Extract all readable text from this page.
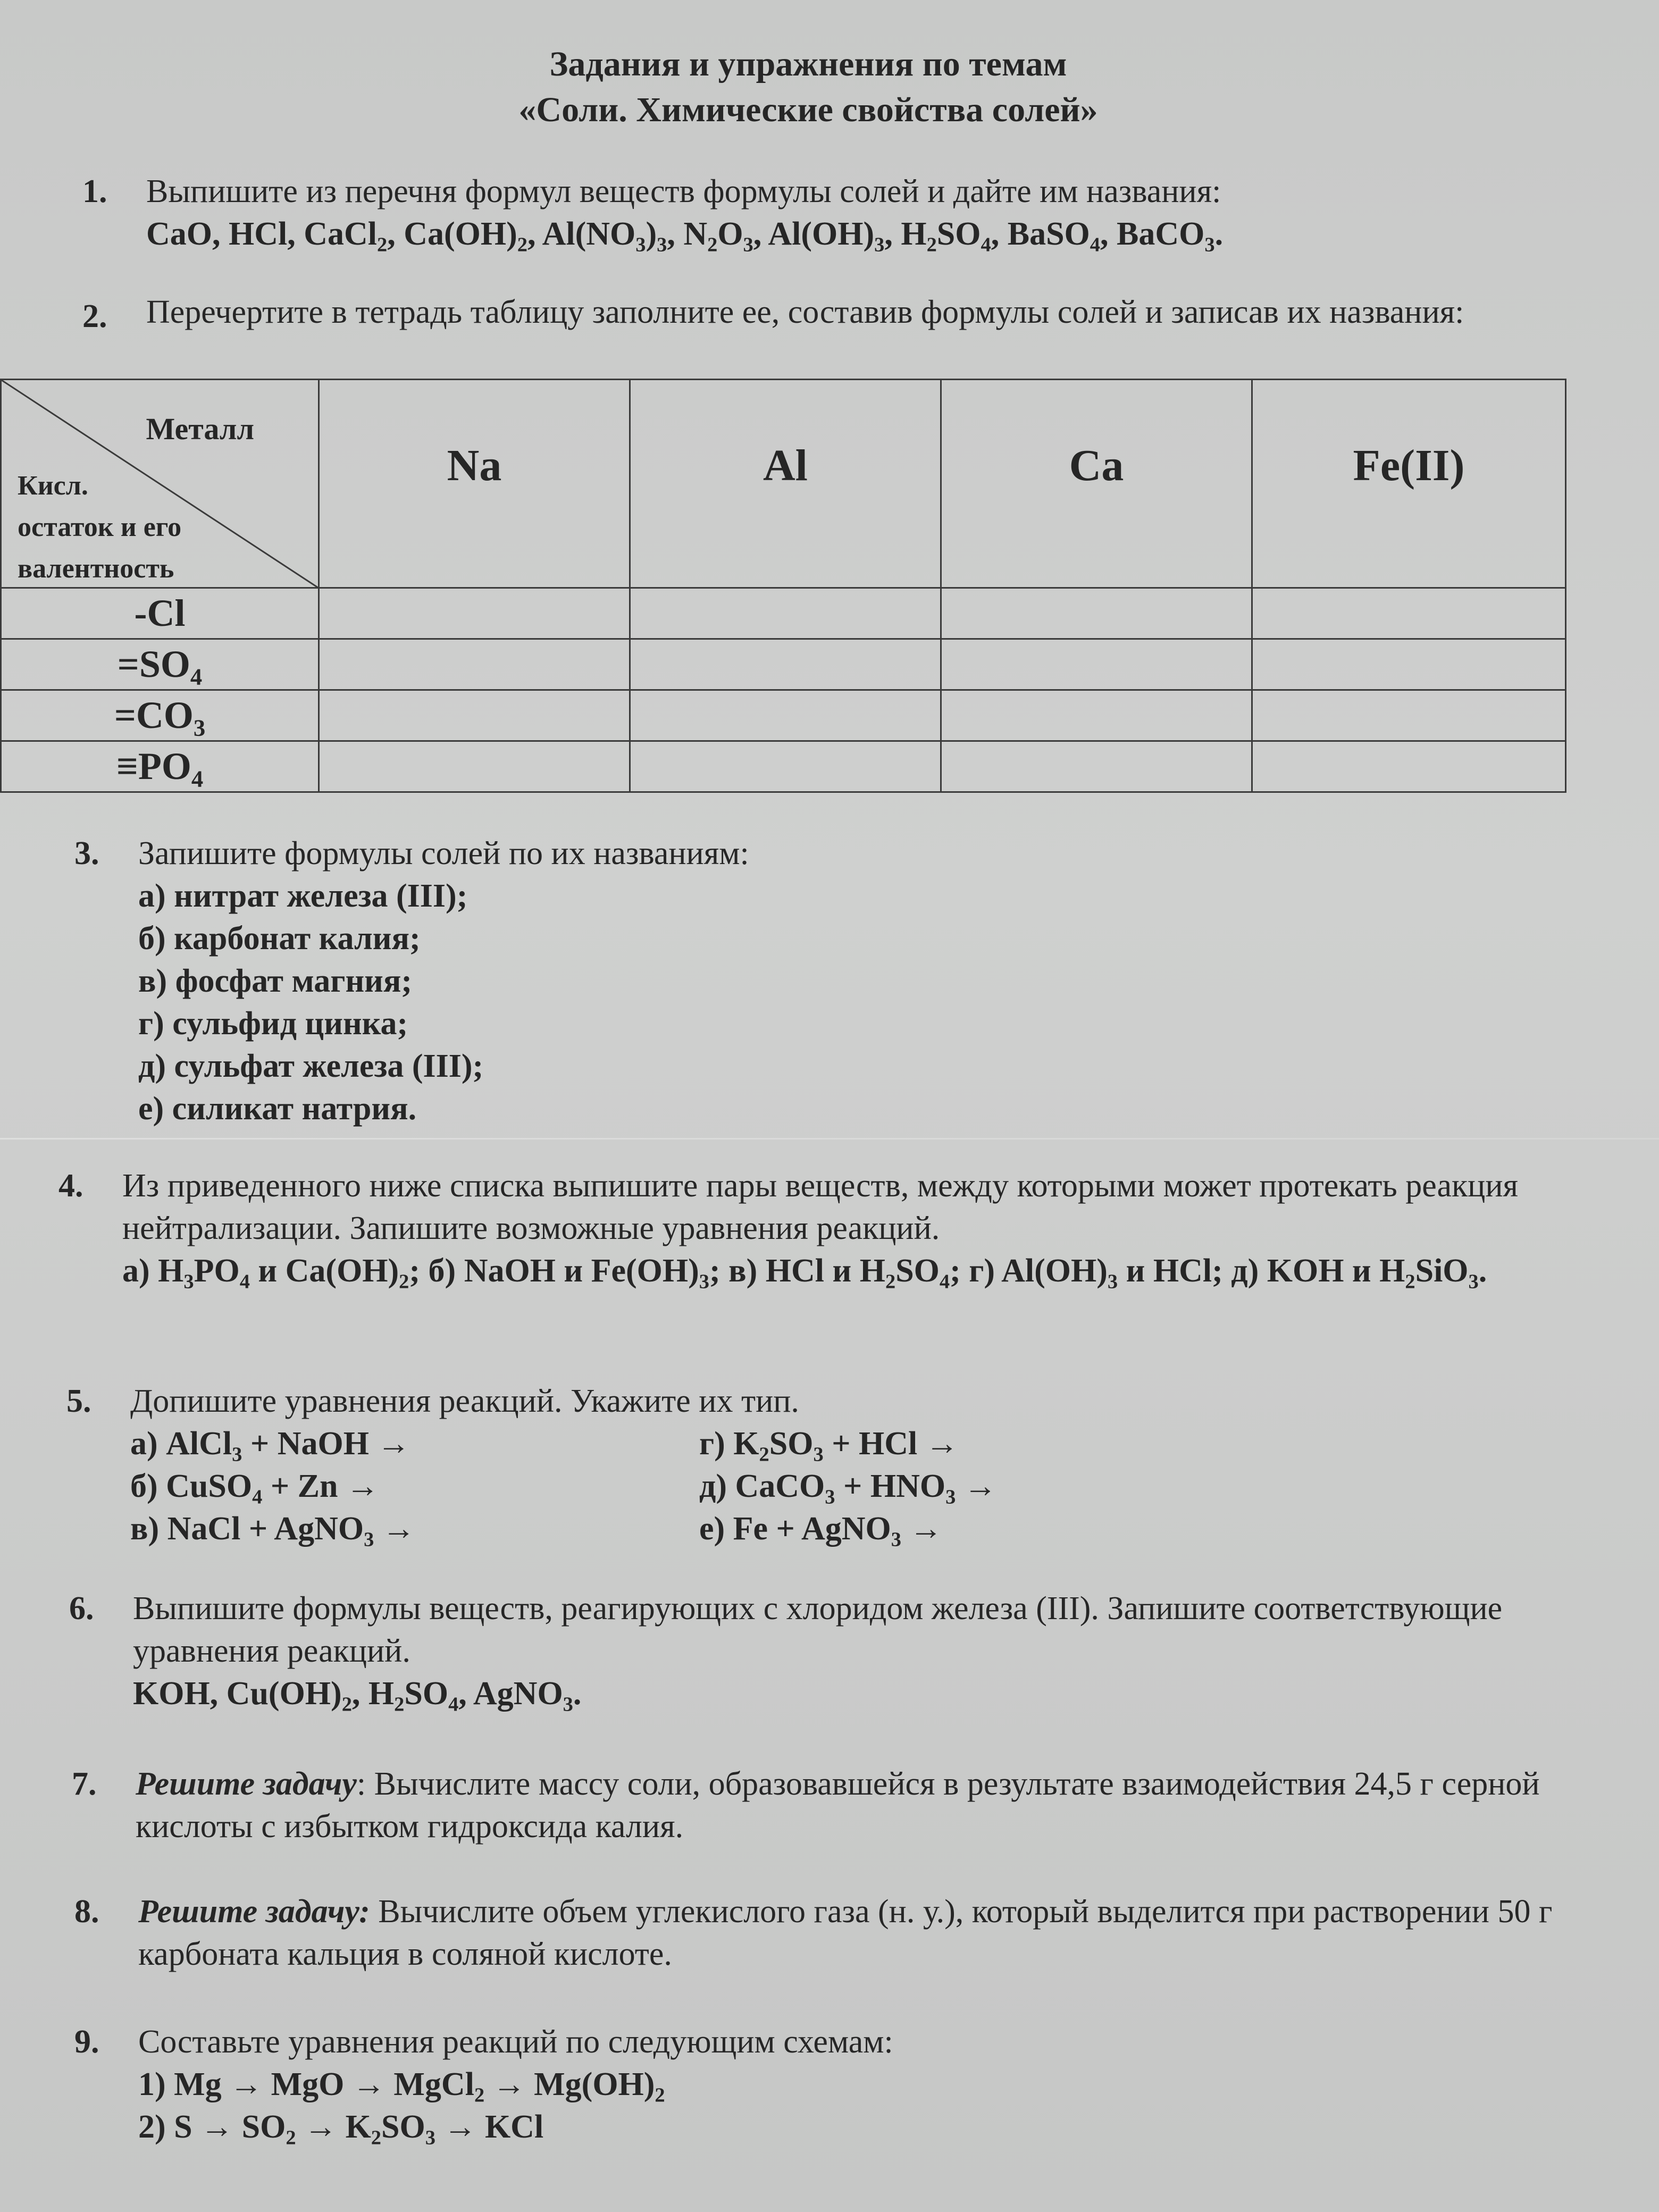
Задания и упражнения по темам
«Соли. Химические свойства солей»
1.	Выпишите из перечня формул веществ формулы солей и дайте им названия:
CaO, HCl, CaCl$_2$, $Ca(OH)_2$, $Al(NO_3)_3$, $N_2O_3$, $Al(OH)_3$, $H_2SO_4$, BaSO$_4$, BaCO$_3$.
2.	Перечертите в тетрадь таблицу заполните ее, составив формулы солей и записав их названия:
Металл
Кисл.
остаток и его
валентность	Na	Al	Ca	Fe(II)
-Cl				
$=SO_4$				
$=CO_3$				
$\equiv PO_4$				
3.	Запишите формулы солей по их названиям:
а) нитрат железа (III);
б) карбонат калия;
в) фосфат магния;
г) сульфид цинка;
д) сульфат железа (III);
е) силикат натрия.
4.	Из приведенного ниже списка выпишите пары веществ, между которыми может протекать реакция нейтрализации. Запишите возможные уравнения реакций.
а) $H_3PO_4$ и $Ca(OH)_2$; б) NaOH и $Fe(OH)_3$; в) HCl и $H_2SO_4$; г) $Al(OH)_3$ и HCl; д) KOH и $H_2SiO_3$.
5.	Допишите уравнения реакций. Укажите их тип.
а) AlCl$_3$ + NaOH →
б) CuSO$_4$ + Zn →
в) NaCl + AgNO$_3$ →
г) $K_2SO_3$ + HCl →
д) CaCO$_3$ + $HNO_3$ →
е) Fe + AgNO$_3$ →
6.	Выпишите формулы веществ, реагирующих с хлоридом железа (III). Запишите соответствующие уравнения реакций.
KOH, $Cu(OH)_2$, $H_2SO_4$, AgNO$_3$.
7.	Решите задачу: Вычислите массу соли, образовавшейся в результате взаимодействия 24,5 г серной кислоты с избытком гидроксида калия.
8.	Решите задачу: Вычислите объем углекислого газа (н. у.), который выделится при растворении 50 г карбоната кальция в соляной кислоте.
9.	Составьте уравнения реакций по следующим схемам:
1) Mg → MgO → MgCl$_2$ → $Mg(OH)_2$
2) $S \to SO_2 \to K_2SO_3$ → KCl
